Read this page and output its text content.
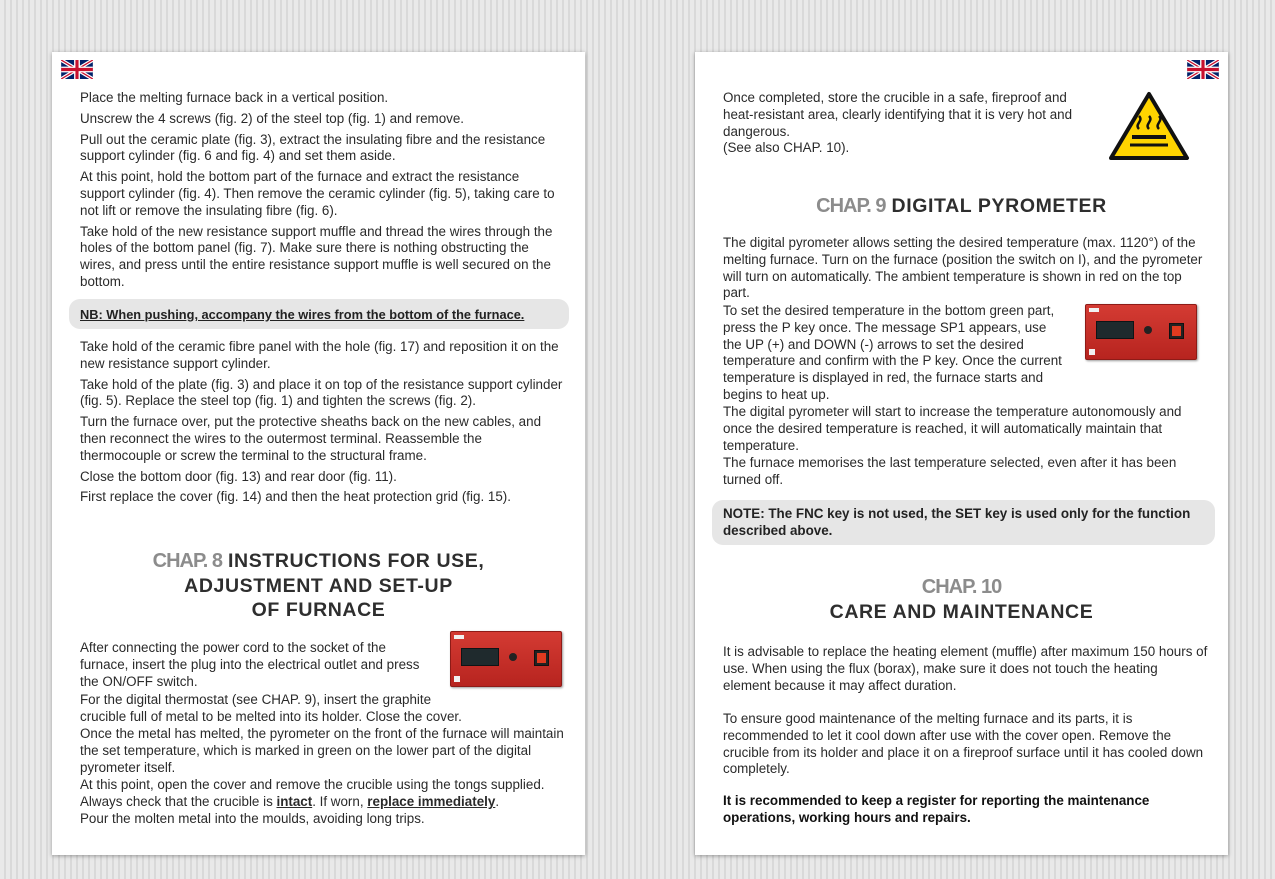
Place the melting furnace back in a vertical position.

Unscrew the 4 screws (fig. 2) of the steel top (fig. 1) and remove.

Pull out the ceramic plate (fig. 3), extract the insulating fibre and the resistance support cylinder (fig. 6 and fig. 4) and set them aside.

At this point, hold the bottom part of the furnace and extract the resistance support cylinder (fig. 4). Then remove the ceramic cylinder (fig. 5), taking care to not lift or remove the insulating fibre (fig. 6).

Take hold of the new resistance support muffle and thread the wires through the holes of the bottom panel (fig. 7). Make sure there is nothing obstructing the wires, and press until the entire resistance support muffle is well secured on the bottom.

NB: When pushing, accompany the wires from the bottom of the furnace.

Take hold of the ceramic fibre panel with the hole (fig. 17) and reposition it on the new resistance support cylinder.

Take hold of the plate (fig. 3) and place it on top of the resistance support cylinder (fig. 5). Replace the steel top (fig. 1) and tighten the screws (fig. 2).

Turn the furnace over, put the protective sheaths back on the new cables, and then reconnect the wires to the outermost terminal. Reassemble the thermocouple or screw the terminal to the structural frame.

Close the bottom door (fig. 13) and rear door (fig. 11).

First replace the cover (fig. 14) and then the heat protection grid (fig. 15).

CHAP. 8 INSTRUCTIONS FOR USE,
ADJUSTMENT AND SET-UP
OF FURNACE
After connecting the power cord to the socket of the furnace, insert the plug into the electrical outlet and press the ON/OFF switch.
For the digital thermostat (see CHAP. 9), insert the graphite crucible full of metal to be melted into its holder. Close the cover.
Once the metal has melted, the pyrometer on the front of the furnace will maintain the set temperature, which is marked in green on the lower part of the digital pyrometer itself.
At this point, open the cover and remove the crucible using the tongs supplied.
Always check that the crucible is intact. If worn, replace immediately.
Pour the molten metal into the moulds, avoiding long trips.
Once completed, store the crucible in a safe, fireproof and heat-resistant area, clearly identifying that it is very hot and dangerous.
(See also CHAP. 10).
CHAP. 9 DIGITAL PYROMETER
The digital pyrometer allows setting the desired temperature (max. 1120°) of the melting furnace. Turn on the furnace (position the switch on I), and the pyrometer will turn on automatically. The ambient temperature is shown in red on the top part.
To set the desired temperature in the bottom green part, press the P key once. The message SP1 appears, use the UP (+) and DOWN (-) arrows to set the desired temperature and confirm with the P key. Once the current temperature is displayed in red, the furnace starts and begins to heat up.
The digital pyrometer will start to increase the temperature autonomously and once the desired temperature is reached, it will automatically maintain that temperature.
The furnace memorises the last temperature selected, even after it has been turned off.
NOTE: The FNC key is not used, the SET key is used only for the function described above.
CHAP. 10
CARE AND MAINTENANCE
It is advisable to replace the heating element (muffle) after maximum 150 hours of use. When using the flux (borax), make sure it does not touch the heating element because it may affect duration.
To ensure good maintenance of the melting furnace and its parts, it is recommended to let it cool down after use with the cover open. Remove the crucible from its holder and place it on a fireproof surface until it has cooled down completely.
It is recommended to keep a register for reporting the maintenance operations, working hours and repairs.
